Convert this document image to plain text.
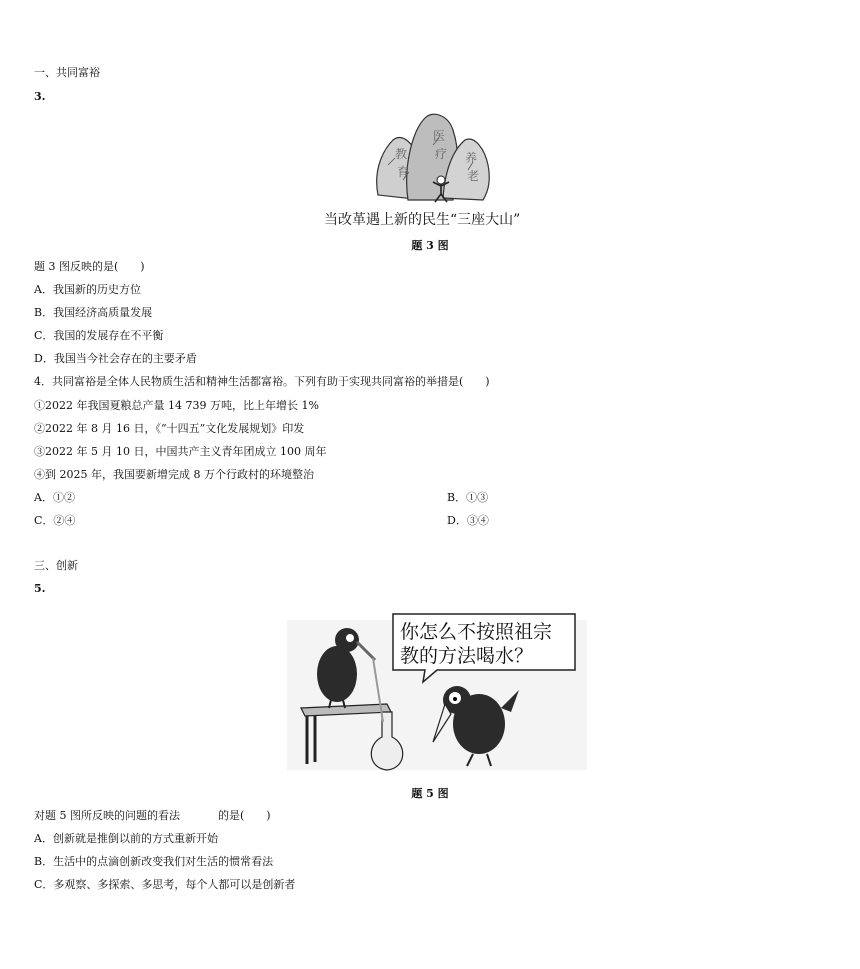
一、共同富裕
3.
教
育
医
疗 养
老
当改革遇上新的民生“三座大山”
题 3 图
题 3 图反映的是(　　)
A．我国新的历史方位
B．我国经济高质量发展
C．我国的发展存在不平衡
D．我国当今社会存在的主要矛盾
4．共同富裕是全体人民物质生活和精神生活都富裕。下列有助于实现共同富裕的举措是(　　)
①2022 年我国夏粮总产量 14 739 万吨，比上年增长 1%
②2022 年 8 月 16 日，《“十四五”文化发展规划》印发
③2022 年 5 月 10 日，中国共产主义青年团成立 100 周年
④到 2025 年，我国要新增完成 8 万个行政村的环境整治
A．①②	B．①③
C．②④	D．③④
三、创新
5.
你怎么不按照祖宗
教的方法喝水？
题 5 图
对题 5 图所反映的问题的看法	的是(　　)
A．创新就是推倒以前的方式重新开始
B．生活中的点滴创新改变我们对生活的惯常看法
C．多观察、多探索、多思考，每个人都可以是创新者
